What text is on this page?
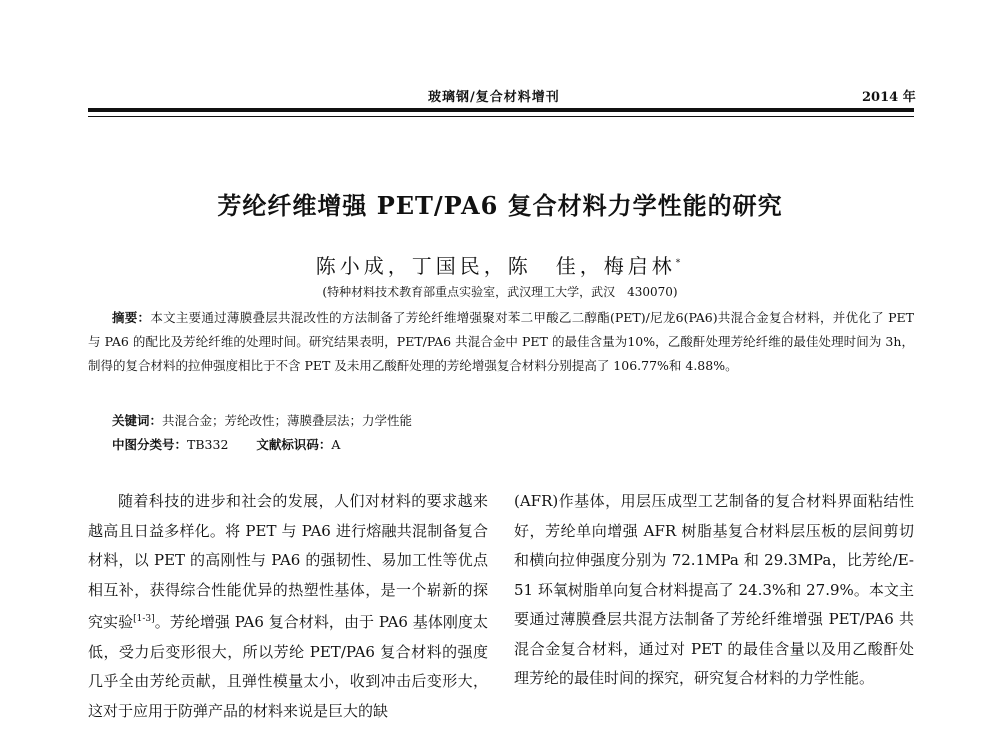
玻璃钢/复合材料增刊	2014 年
芳纶纤维增强 PET/PA6 复合材料力学性能的研究
陈小成，丁国民，陈　佳，梅启林*
(特种材料技术教育部重点实验室，武汉理工大学，武汉　430070)
摘要：本文主要通过薄膜叠层共混改性的方法制备了芳纶纤维增强聚对苯二甲酸乙二醇酯(PET)/尼龙6(PA6)共混合金复合材料，并优化了 PET 与 PA6 的配比及芳纶纤维的处理时间。研究结果表明，PET/PA6 共混合金中 PET 的最佳含量为10%，乙酸酐处理芳纶纤维的最佳处理时间为 3h，制得的复合材料的拉伸强度相比于不含 PET 及未用乙酸酐处理的芳纶增强复合材料分别提高了 106.77%和 4.88%。
关键词：共混合金；芳纶改性；薄膜叠层法；力学性能
中图分类号：TB332 文献标识码：A
随着科技的进步和社会的发展，人们对材料的要求越来越高且日益多样化。将 PET 与 PA6 进行熔融共混制备复合材料，以 PET 的高刚性与 PA6 的强韧性、易加工性等优点相互补，获得综合性能优异的热塑性基体，是一个崭新的探究实验[1-3]。芳纶增强 PA6 复合材料，由于 PA6 基体刚度太低，受力后变形很大，所以芳纶 PET/PA6 复合材料的强度几乎全由芳纶贡献，且弹性模量太小，收到冲击后变形大，这对于应用于防弹产品的材料来说是巨大的缺
(AFR)作基体，用层压成型工艺制备的复合材料界面粘结性好，芳纶单向增强 AFR 树脂基复合材料层压板的层间剪切和横向拉伸强度分别为 72.1MPa 和 29.3MPa，比芳纶/E-51 环氧树脂单向复合材料提高了 24.3%和 27.9%。本文主要通过薄膜叠层共混方法制备了芳纶纤维增强 PET/PA6 共混合金复合材料，通过对 PET 的最佳含量以及用乙酸酐处理芳纶的最佳时间的探究，研究复合材料的力学性能。
